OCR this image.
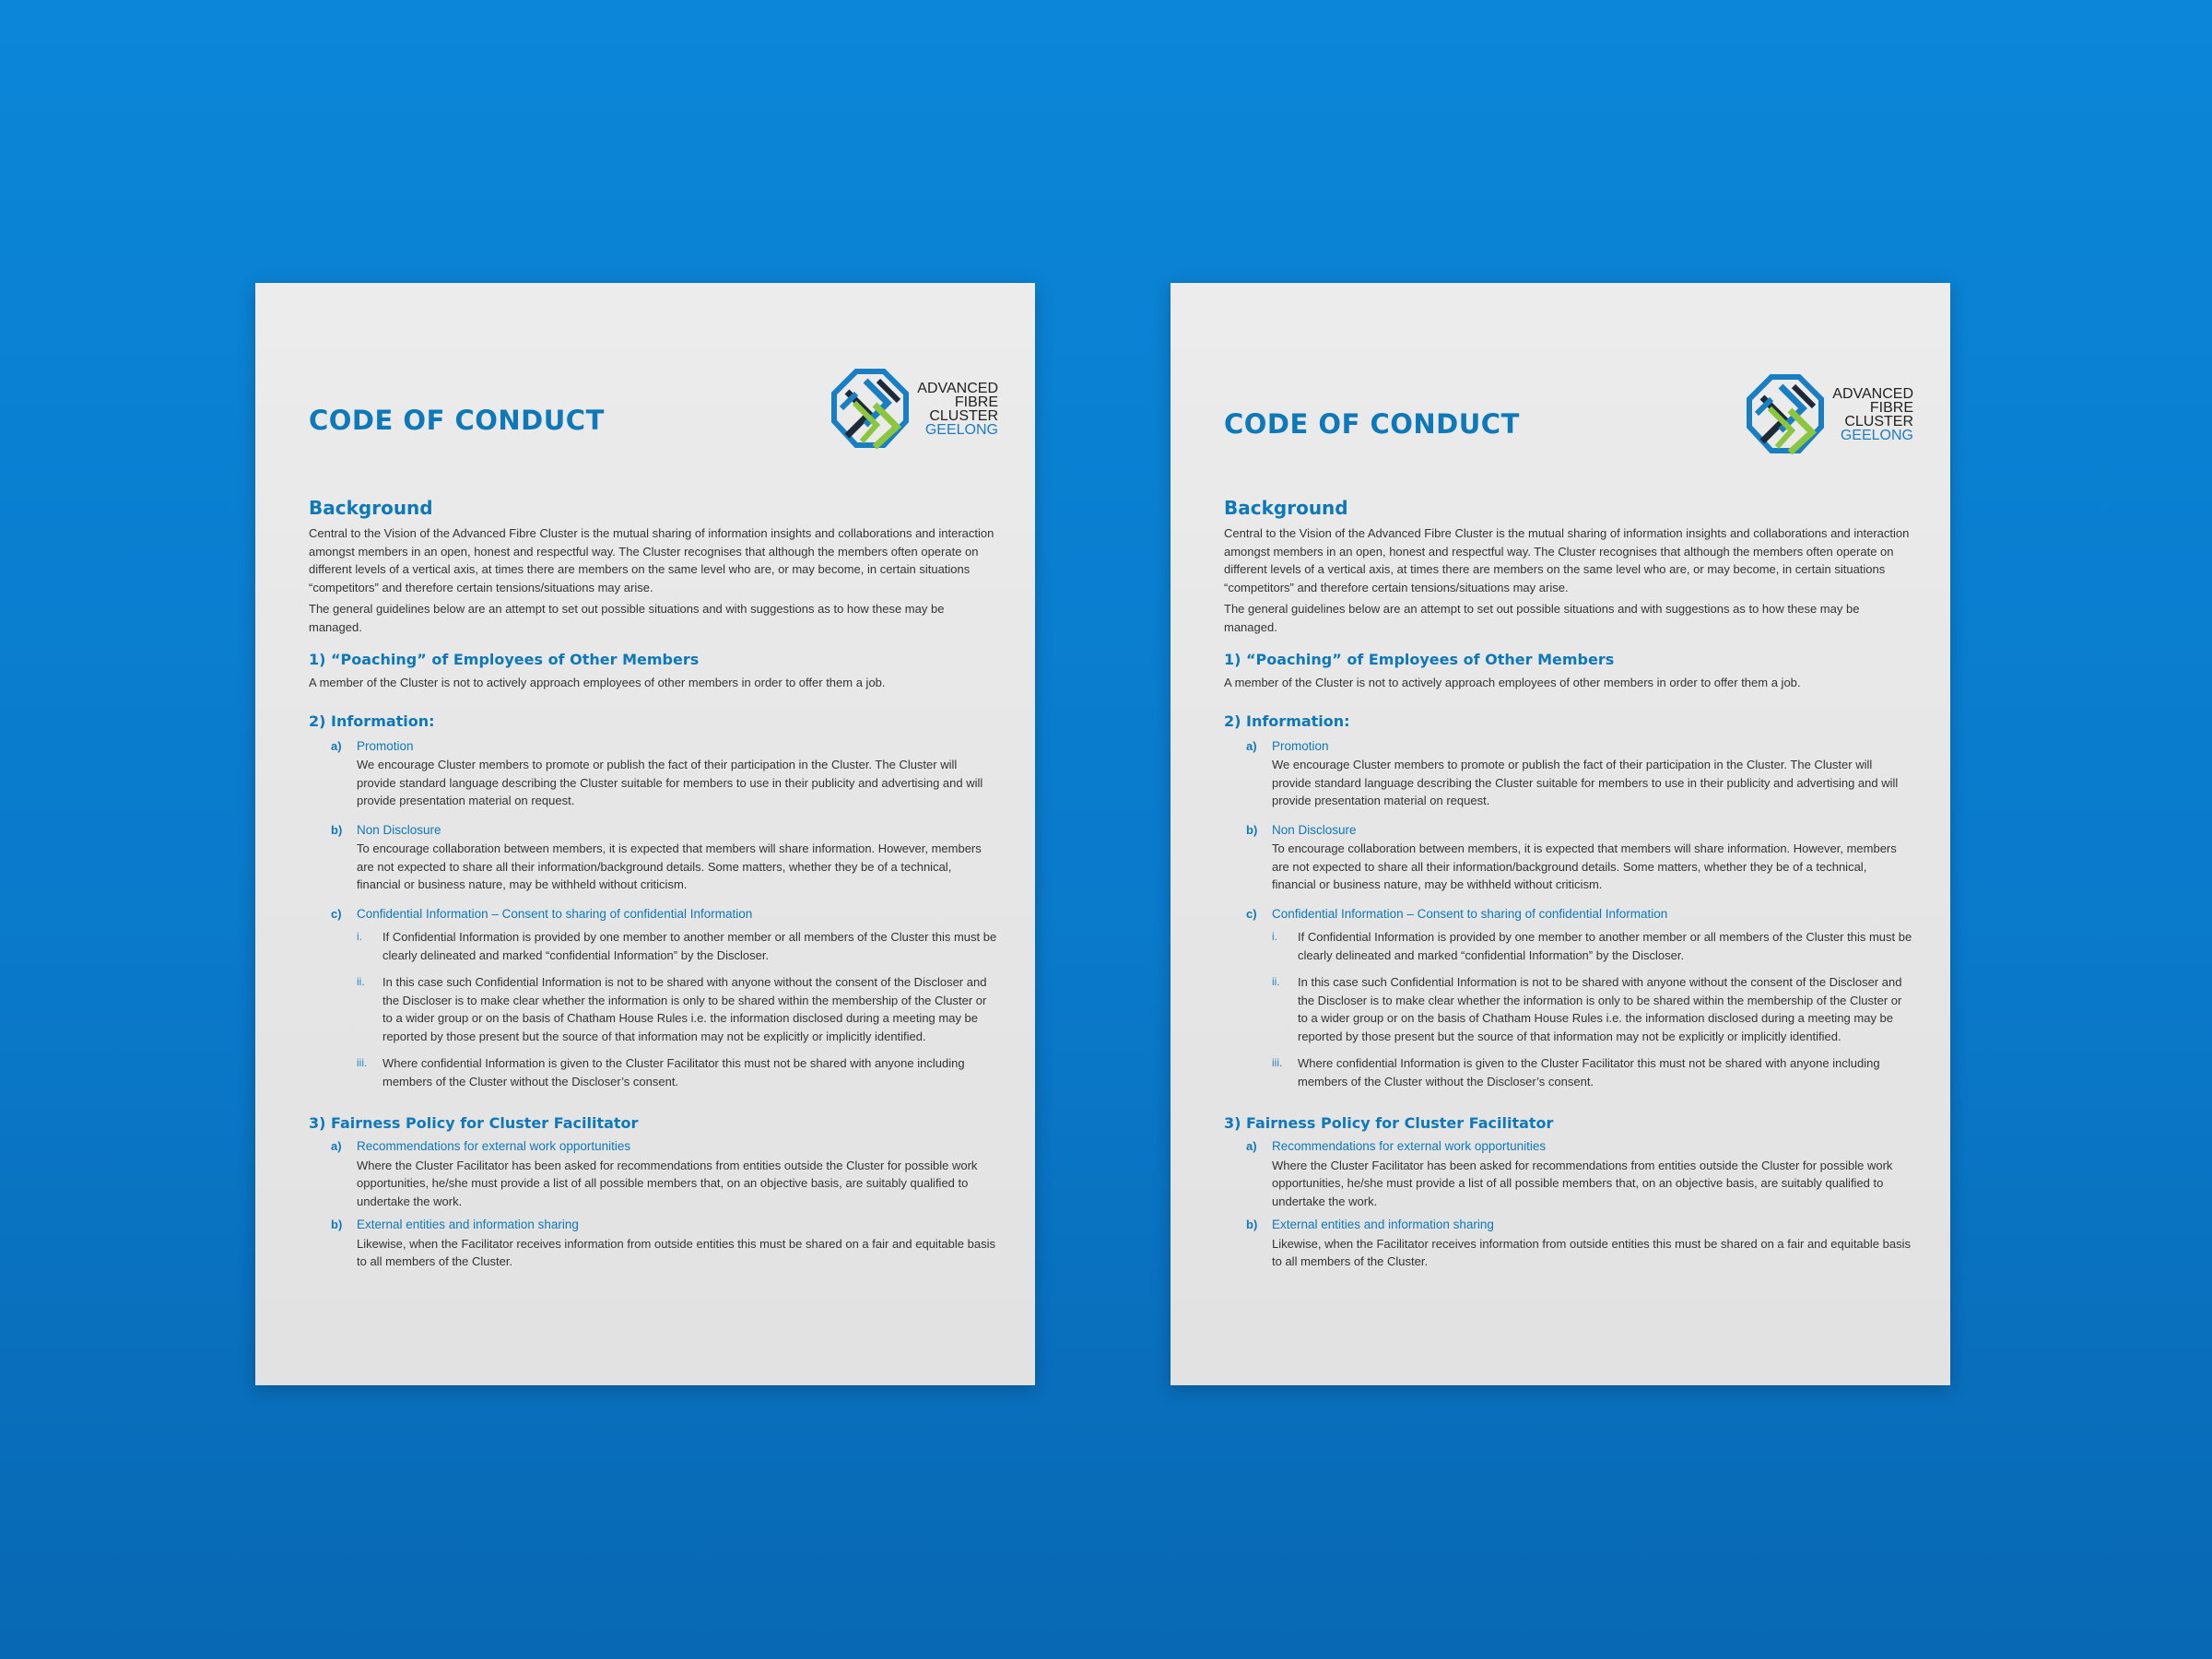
CODE OF CONDUCT
ADVANCED
FIBRE
CLUSTER
GEELONG
Background

Central to the Vision of the Advanced Fibre Cluster is the mutual sharing of information insights and collaborations and interaction amongst members in an open, honest and respectful way. The Cluster recognises that although the members often operate on different levels of a vertical axis, at times there are members on the same level who are, or may become, in certain situations “competitors” and therefore certain tensions/situations may arise.

The general guidelines below are an attempt to set out possible situations and with suggestions as to how these may be managed.

1) “Poaching” of Employees of Other Members

A member of the Cluster is not to actively approach employees of other members in order to offer them a job.

2) Information:
a)	Promotion

We encourage Cluster members to promote or publish the fact of their participation in the Cluster. The Cluster will provide standard language describing the Cluster suitable for members to use in their publicity and advertising and will provide presentation material on request.

b)	Non Disclosure

To encourage collaboration between members, it is expected that members will share information. However, members are not expected to share all their information/background details. Some matters, whether they be of a technical, financial or business nature, may be withheld without criticism.

c)	Confidential Information – Consent to sharing of confidential Information
i.	If Confidential Information is provided by one member to another member or all members of the Cluster this must be clearly delineated and marked “confidential Information” by the Discloser.

ii.	In this case such Confidential Information is not to be shared with anyone without the consent of the Discloser and the Discloser is to make clear whether the information is only to be shared within the membership of the Cluster or to a wider group or on the basis of Chatham House Rules i.e. the information disclosed during a meeting may be reported by those present but the source of that information may not be explicitly or implicitly identified.

iii.	Where confidential Information is given to the Cluster Facilitator this must not be shared with anyone including members of the Cluster without the Discloser’s consent.

3) Fairness Policy for Cluster Facilitator
a)	Recommendations for external work opportunities

Where the Cluster Facilitator has been asked for recommendations from entities outside the Cluster for possible work opportunities, he/she must provide a list of all possible members that, on an objective basis, are suitably qualified to undertake the work.

b)	External entities and information sharing

Likewise, when the Facilitator receives information from outside entities this must be shared on a fair and equitable basis to all members of the Cluster.

CODE OF CONDUCT
ADVANCED
FIBRE
CLUSTER
GEELONG
Background

Central to the Vision of the Advanced Fibre Cluster is the mutual sharing of information insights and collaborations and interaction amongst members in an open, honest and respectful way. The Cluster recognises that although the members often operate on different levels of a vertical axis, at times there are members on the same level who are, or may become, in certain situations “competitors” and therefore certain tensions/situations may arise.

The general guidelines below are an attempt to set out possible situations and with suggestions as to how these may be managed.

1) “Poaching” of Employees of Other Members

A member of the Cluster is not to actively approach employees of other members in order to offer them a job.

2) Information:
a)	Promotion

We encourage Cluster members to promote or publish the fact of their participation in the Cluster. The Cluster will provide standard language describing the Cluster suitable for members to use in their publicity and advertising and will provide presentation material on request.

b)	Non Disclosure

To encourage collaboration between members, it is expected that members will share information. However, members are not expected to share all their information/background details. Some matters, whether they be of a technical, financial or business nature, may be withheld without criticism.

c)	Confidential Information – Consent to sharing of confidential Information
i.	If Confidential Information is provided by one member to another member or all members of the Cluster this must be clearly delineated and marked “confidential Information” by the Discloser.

ii.	In this case such Confidential Information is not to be shared with anyone without the consent of the Discloser and the Discloser is to make clear whether the information is only to be shared within the membership of the Cluster or to a wider group or on the basis of Chatham House Rules i.e. the information disclosed during a meeting may be reported by those present but the source of that information may not be explicitly or implicitly identified.

iii.	Where confidential Information is given to the Cluster Facilitator this must not be shared with anyone including members of the Cluster without the Discloser’s consent.

3) Fairness Policy for Cluster Facilitator
a)	Recommendations for external work opportunities

Where the Cluster Facilitator has been asked for recommendations from entities outside the Cluster for possible work opportunities, he/she must provide a list of all possible members that, on an objective basis, are suitably qualified to undertake the work.

b)	External entities and information sharing

Likewise, when the Facilitator receives information from outside entities this must be shared on a fair and equitable basis to all members of the Cluster.
